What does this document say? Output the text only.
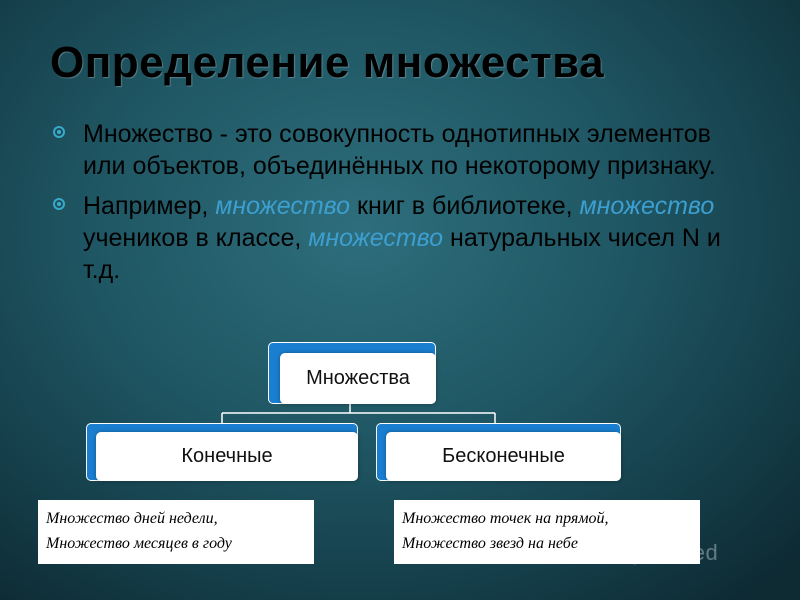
Определение множества
Множество - это совокупность однотипных элементов или объектов, объединённых по некоторому признаку.
Например, множество книг в библиотеке, множество учеников в классе, множество натуральных чисел N и т.д.
Множества
Конечные	Бесконечные
Множество дней недели,
Множество месяцев в году
Множество точек на прямой,
Множество звезд на небе	MyShared
